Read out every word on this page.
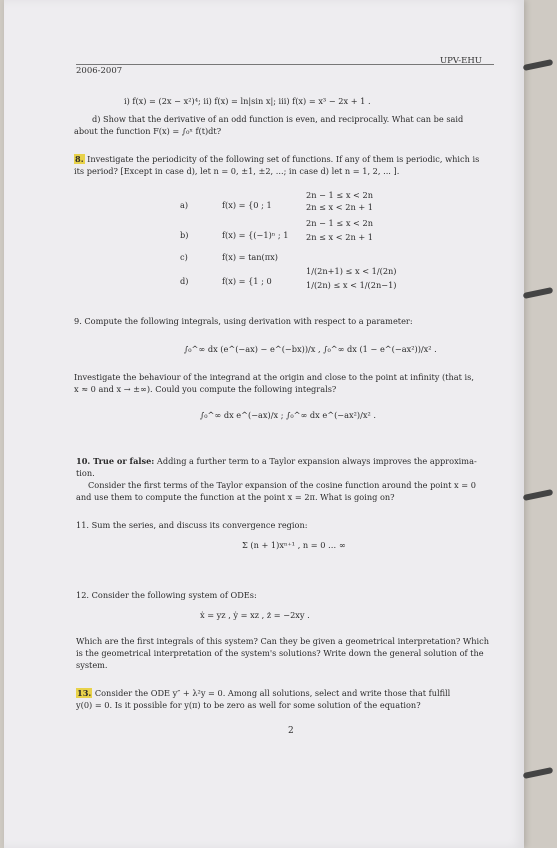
UPV-EHU
2006-2007
i) f(x) = (2x − x²)⁴; ii) f(x) = ln|sin x|; iii) f(x) = x³ − 2x + 1 .
d) Show that the derivative of an odd function is even, and reciprocally. What can be said
about the function F(x) = ∫₀ˣ f(t)dt?
8. Investigate the periodicity of the following set of functions. If any of them is periodic, which is
its period? [Except in case d), let n = 0, ±1, ±2, ...; in case d) let n = 1, 2, ... ].
a)	f(x) = {0 ; 1
2n − 1 ≤ x < 2n
2n ≤ x < 2n + 1
b)	f(x) = {(−1)ⁿ ; 1
2n − 1 ≤ x < 2n
2n ≤ x < 2n + 1
c)	f(x) = tan(πx)
d)	f(x) = {1 ; 0
1/(2n+1) ≤ x < 1/(2n)
1/(2n) ≤ x < 1/(2n−1)
9. Compute the following integrals, using derivation with respect to a parameter:
∫₀^∞ dx (e^(−ax) − e^(−bx))/x , ∫₀^∞ dx (1 − e^(−ax²))/x² .
Investigate the behaviour of the integrand at the origin and close to the point at infinity (that is,
x ≈ 0 and x → ±∞). Could you compute the following integrals?
∫₀^∞ dx e^(−ax)/x ; ∫₀^∞ dx e^(−ax²)/x² .
10. True or false: Adding a further term to a Taylor expansion always improves the approxima-
tion.
Consider the first terms of the Taylor expansion of the cosine function around the point x = 0
and use them to compute the function at the point x = 2π. What is going on?
11. Sum the series, and discuss its convergence region:
Σ (n + 1)xⁿ⁺¹ , n = 0 … ∞
12. Consider the following system of ODEs:
ẋ = yz , ẏ = xz , ż = −2xy .
Which are the first integrals of this system? Can they be given a geometrical interpretation? Which
is the geometrical interpretation of the system's solutions? Write down the general solution of the
system.
13. Consider the ODE y″ + λ²y = 0. Among all solutions, select and write those that fulfill
y(0) = 0. Is it possible for y(π) to be zero as well for some solution of the equation?
2
